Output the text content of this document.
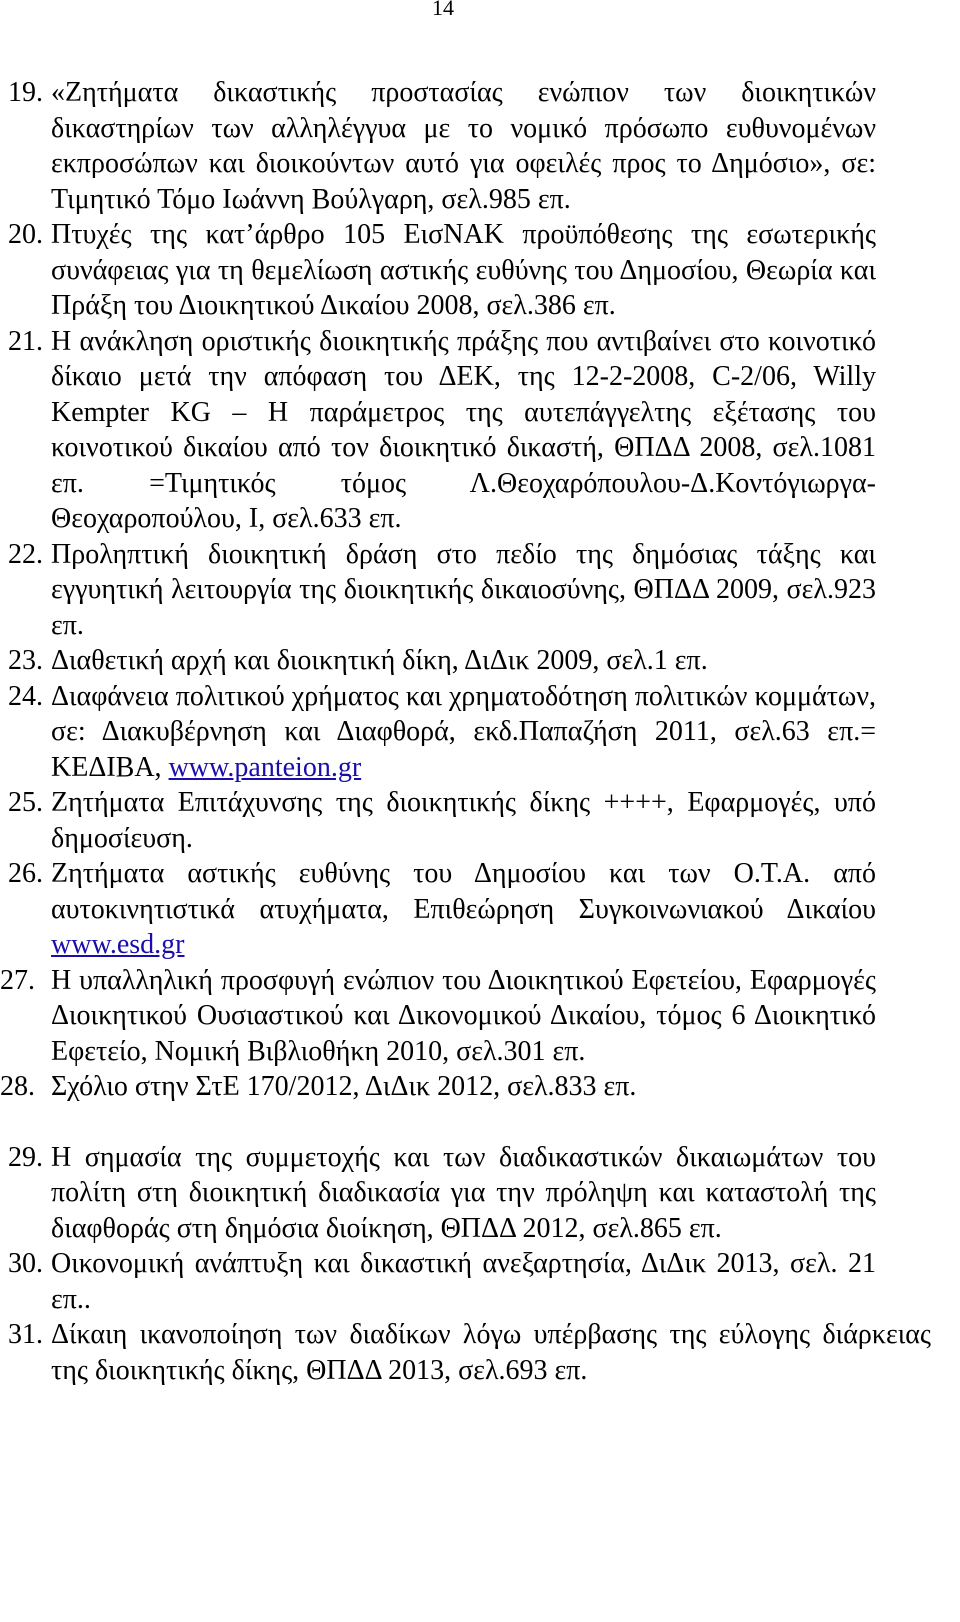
14
19. «Ζητήματα δικαστικής προστασίας ενώπιον των διοικητικών δικαστηρίων των αλληλέγγυα με το νομικό πρόσωπο ευθυνομένων εκπροσώπων και διοικούντων αυτό για οφειλές προς το Δημόσιο», σε: Τιμητικό Τόμο Ιωάννη Βούλγαρη, σελ.985 επ.
20. Πτυχές της κατ’άρθρο 105 ΕισΝΑΚ προϋπόθεσης της εσωτερικής συνάφειας για τη θεμελίωση αστικής ευθύνης του Δημοσίου, Θεωρία και Πράξη του Διοικητικού Δικαίου 2008, σελ.386 επ.
21. Η ανάκληση οριστικής διοικητικής πράξης που αντιβαίνει στο κοινοτικό δίκαιο μετά την απόφαση του ΔΕΚ, της 12-2-2008, C-2/06, Willy Kempter KG – Η παράμετρος της αυτεπάγγελτης εξέτασης του κοινοτικού δικαίου από τον διοικητικό δικαστή, ΘΠΔΔ 2008, σελ.1081 επ. =Τιμητικός τόμος Λ.Θεοχαρόπουλου-Δ.Κοντόγιωργα-Θεοχαροπούλου, Ι, σελ.633 επ.
22. Προληπτική διοικητική δράση στο πεδίο της δημόσιας τάξης και εγγυητική λειτουργία της διοικητικής δικαιοσύνης, ΘΠΔΔ 2009, σελ.923 επ.
23. Διαθετική αρχή και διοικητική δίκη, ΔιΔικ 2009, σελ.1 επ.
24. Διαφάνεια πολιτικού χρήματος και χρηματοδότηση πολιτικών κομμάτων, σε: Διακυβέρνηση και Διαφθορά, εκδ.Παπαζήση 2011, σελ.63 επ.= ΚΕΔΙΒΑ, www.panteion.gr
25. Ζητήματα Επιτάχυνσης της διοικητικής δίκης ++++, Εφαρμογές, υπό δημοσίευση.
26. Ζητήματα αστικής ευθύνης του Δημοσίου και των Ο.Τ.Α. από αυτοκινητιστικά ατυχήματα, Επιθεώρηση Συγκοινωνιακού Δικαίου www.esd.gr
27. Η υπαλληλική προσφυγή ενώπιον του Διοικητικού Εφετείου, Εφαρμογές Διοικητικού Ουσιαστικού και Δικονομικού Δικαίου, τόμος 6 Διοικητικό Εφετείο, Νομική Βιβλιοθήκη 2010, σελ.301 επ.
28. Σχόλιο στην ΣτΕ 170/2012, ΔιΔικ 2012, σελ.833 επ.
29. Η σημασία της συμμετοχής και των διαδικαστικών δικαιωμάτων του πολίτη στη διοικητική διαδικασία για την πρόληψη και καταστολή της διαφθοράς στη δημόσια διοίκηση, ΘΠΔΔ 2012, σελ.865 επ.
30. Οικονομική ανάπτυξη και δικαστική ανεξαρτησία, ΔιΔικ 2013, σελ. 21 επ..
31. Δίκαιη ικανοποίηση των διαδίκων λόγω υπέρβασης της εύλογης διάρκειας της διοικητικής δίκης, ΘΠΔΔ 2013, σελ.693 επ.
